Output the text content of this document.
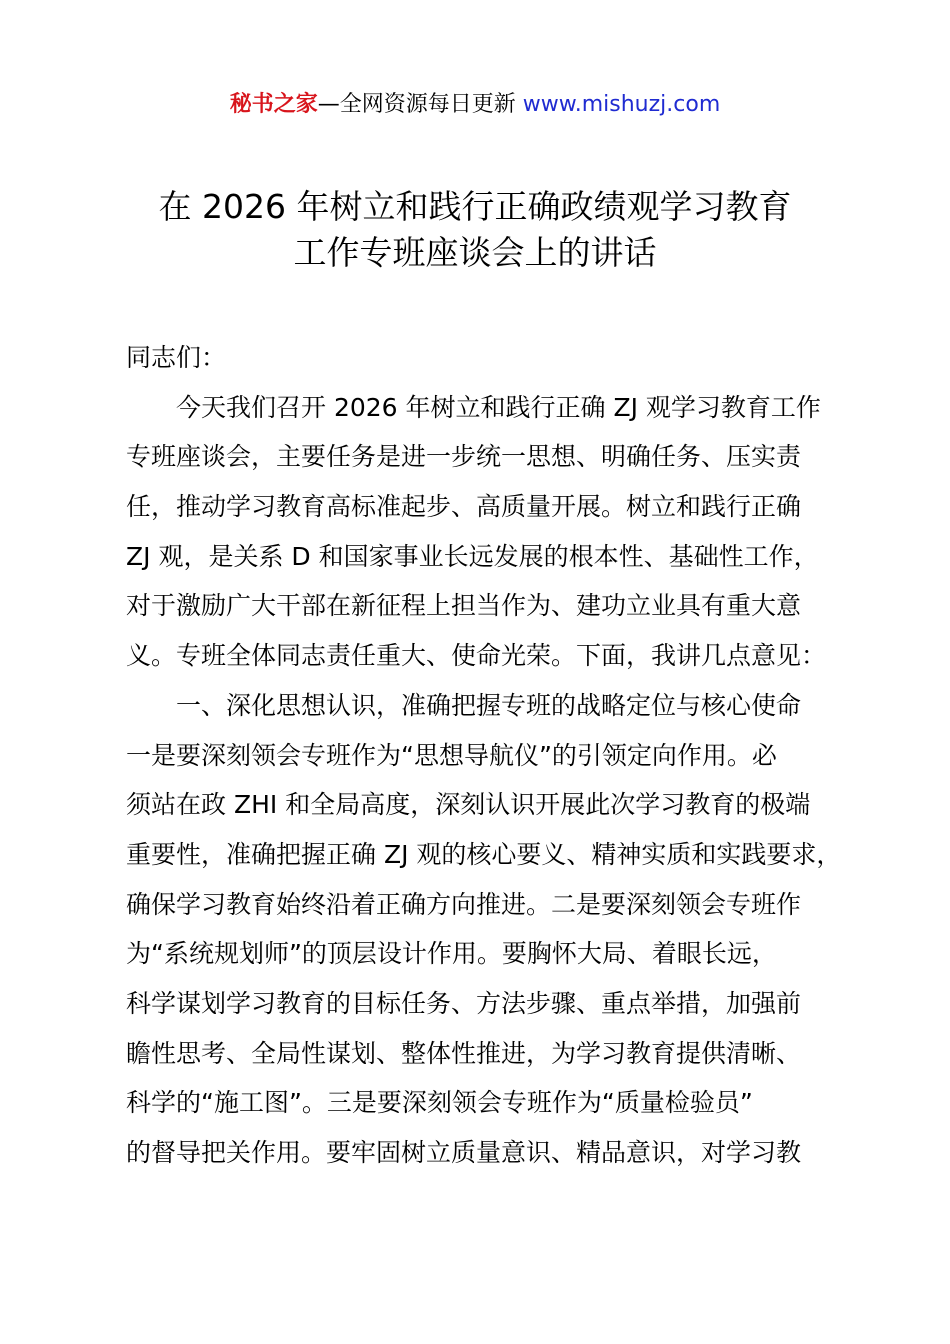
秘书之家—全网资源每日更新 www.mishuzj.com
在 2026 年树立和践行正确政绩观学习教育
工作专班座谈会上的讲话
同志们：
今天我们召开 2026 年树立和践行正确 ZJ 观学习教育工作
专班座谈会，主要任务是进一步统一思想、明确任务、压实责
任，推动学习教育高标准起步、高质量开展。树立和践行正确
ZJ 观，是关系 D 和国家事业长远发展的根本性、基础性工作，
对于激励广大干部在新征程上担当作为、建功立业具有重大意
义。专班全体同志责任重大、使命光荣。下面，我讲几点意见：
一、深化思想认识，准确把握专班的战略定位与核心使命
一是要深刻领会专班作为“思想导航仪”的引领定向作用。必
须站在政 ZHI 和全局高度，深刻认识开展此次学习教育的极端
重要性，准确把握正确 ZJ 观的核心要义、精神实质和实践要求，
确保学习教育始终沿着正确方向推进。二是要深刻领会专班作
为“系统规划师”的顶层设计作用。要胸怀大局、着眼长远，
科学谋划学习教育的目标任务、方法步骤、重点举措，加强前
瞻性思考、全局性谋划、整体性推进，为学习教育提供清晰、
科学的“施工图”。三是要深刻领会专班作为“质量检验员”
的督导把关作用。要牢固树立质量意识、精品意识，对学习教
